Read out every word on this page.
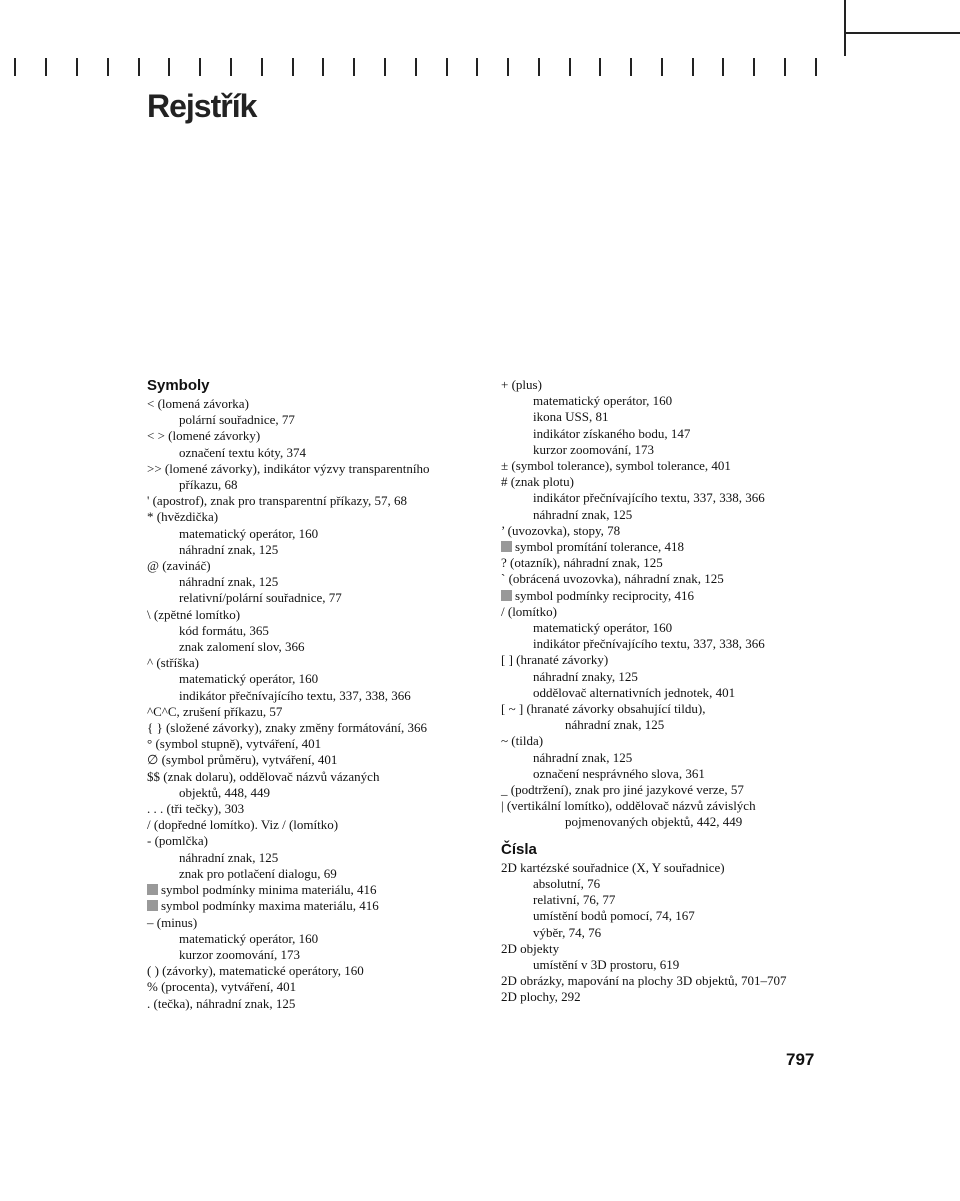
Rejstřík
Symboly
< (lomená závorka)
polární souřadnice, 77
< > (lomené závorky)
označení textu kóty, 374
>> (lomené závorky), indikátor výzvy transparentního
příkazu, 68
' (apostrof), znak pro transparentní příkazy, 57, 68
* (hvězdička)
matematický operátor, 160
náhradní znak, 125
@ (zavináč)
náhradní znak, 125
relativní/polární souřadnice, 77
\ (zpětné lomítko)
kód formátu, 365
znak zalomení slov, 366
^ (stříška)
matematický operátor, 160
indikátor přečnívajícího textu, 337, 338, 366
^C^C, zrušení příkazu, 57
{ } (složené závorky), znaky změny formátování, 366
° (symbol stupně), vytváření, 401
∅ (symbol průměru), vytváření, 401
$$ (znak dolaru), oddělovač názvů vázaných
objektů, 448, 449
. . . (tři tečky), 303
/ (dopředné lomítko). Viz / (lomítko)
- (pomlčka)
náhradní znak, 125
znak pro potlačení dialogu, 69
symbol podmínky minima materiálu, 416
symbol podmínky maxima materiálu, 416
– (minus)
matematický operátor, 160
kurzor zoomování, 173
( ) (závorky), matematické operátory, 160
% (procenta), vytváření, 401
. (tečka), náhradní znak, 125
+ (plus)
matematický operátor, 160
ikona USS, 81
indikátor získaného bodu, 147
kurzor zoomování, 173
± (symbol tolerance), symbol tolerance, 401
# (znak plotu)
indikátor přečnívajícího textu, 337, 338, 366
náhradní znak, 125
’ (uvozovka), stopy, 78
symbol promítání tolerance, 418
? (otazník), náhradní znak, 125
` (obrácená uvozovka), náhradní znak, 125
symbol podmínky reciprocity, 416
/ (lomítko)
matematický operátor, 160
indikátor přečnívajícího textu, 337, 338, 366
[ ] (hranaté závorky)
náhradní znaky, 125
oddělovač alternativních jednotek, 401
[ ~ ] (hranaté závorky obsahující tildu),
náhradní znak, 125
~ (tilda)
náhradní znak, 125
označení nesprávného slova, 361
_ (podtržení), znak pro jiné jazykové verze, 57
| (vertikální lomítko), oddělovač názvů závislých
pojmenovaných objektů, 442, 449
Čísla
2D kartézské souřadnice (X, Y souřadnice)
absolutní, 76
relativní, 76, 77
umístění bodů pomocí, 74, 167
výběr, 74, 76
2D objekty
umístění v 3D prostoru, 619
2D obrázky, mapování na plochy 3D objektů, 701–707
2D plochy, 292
797
